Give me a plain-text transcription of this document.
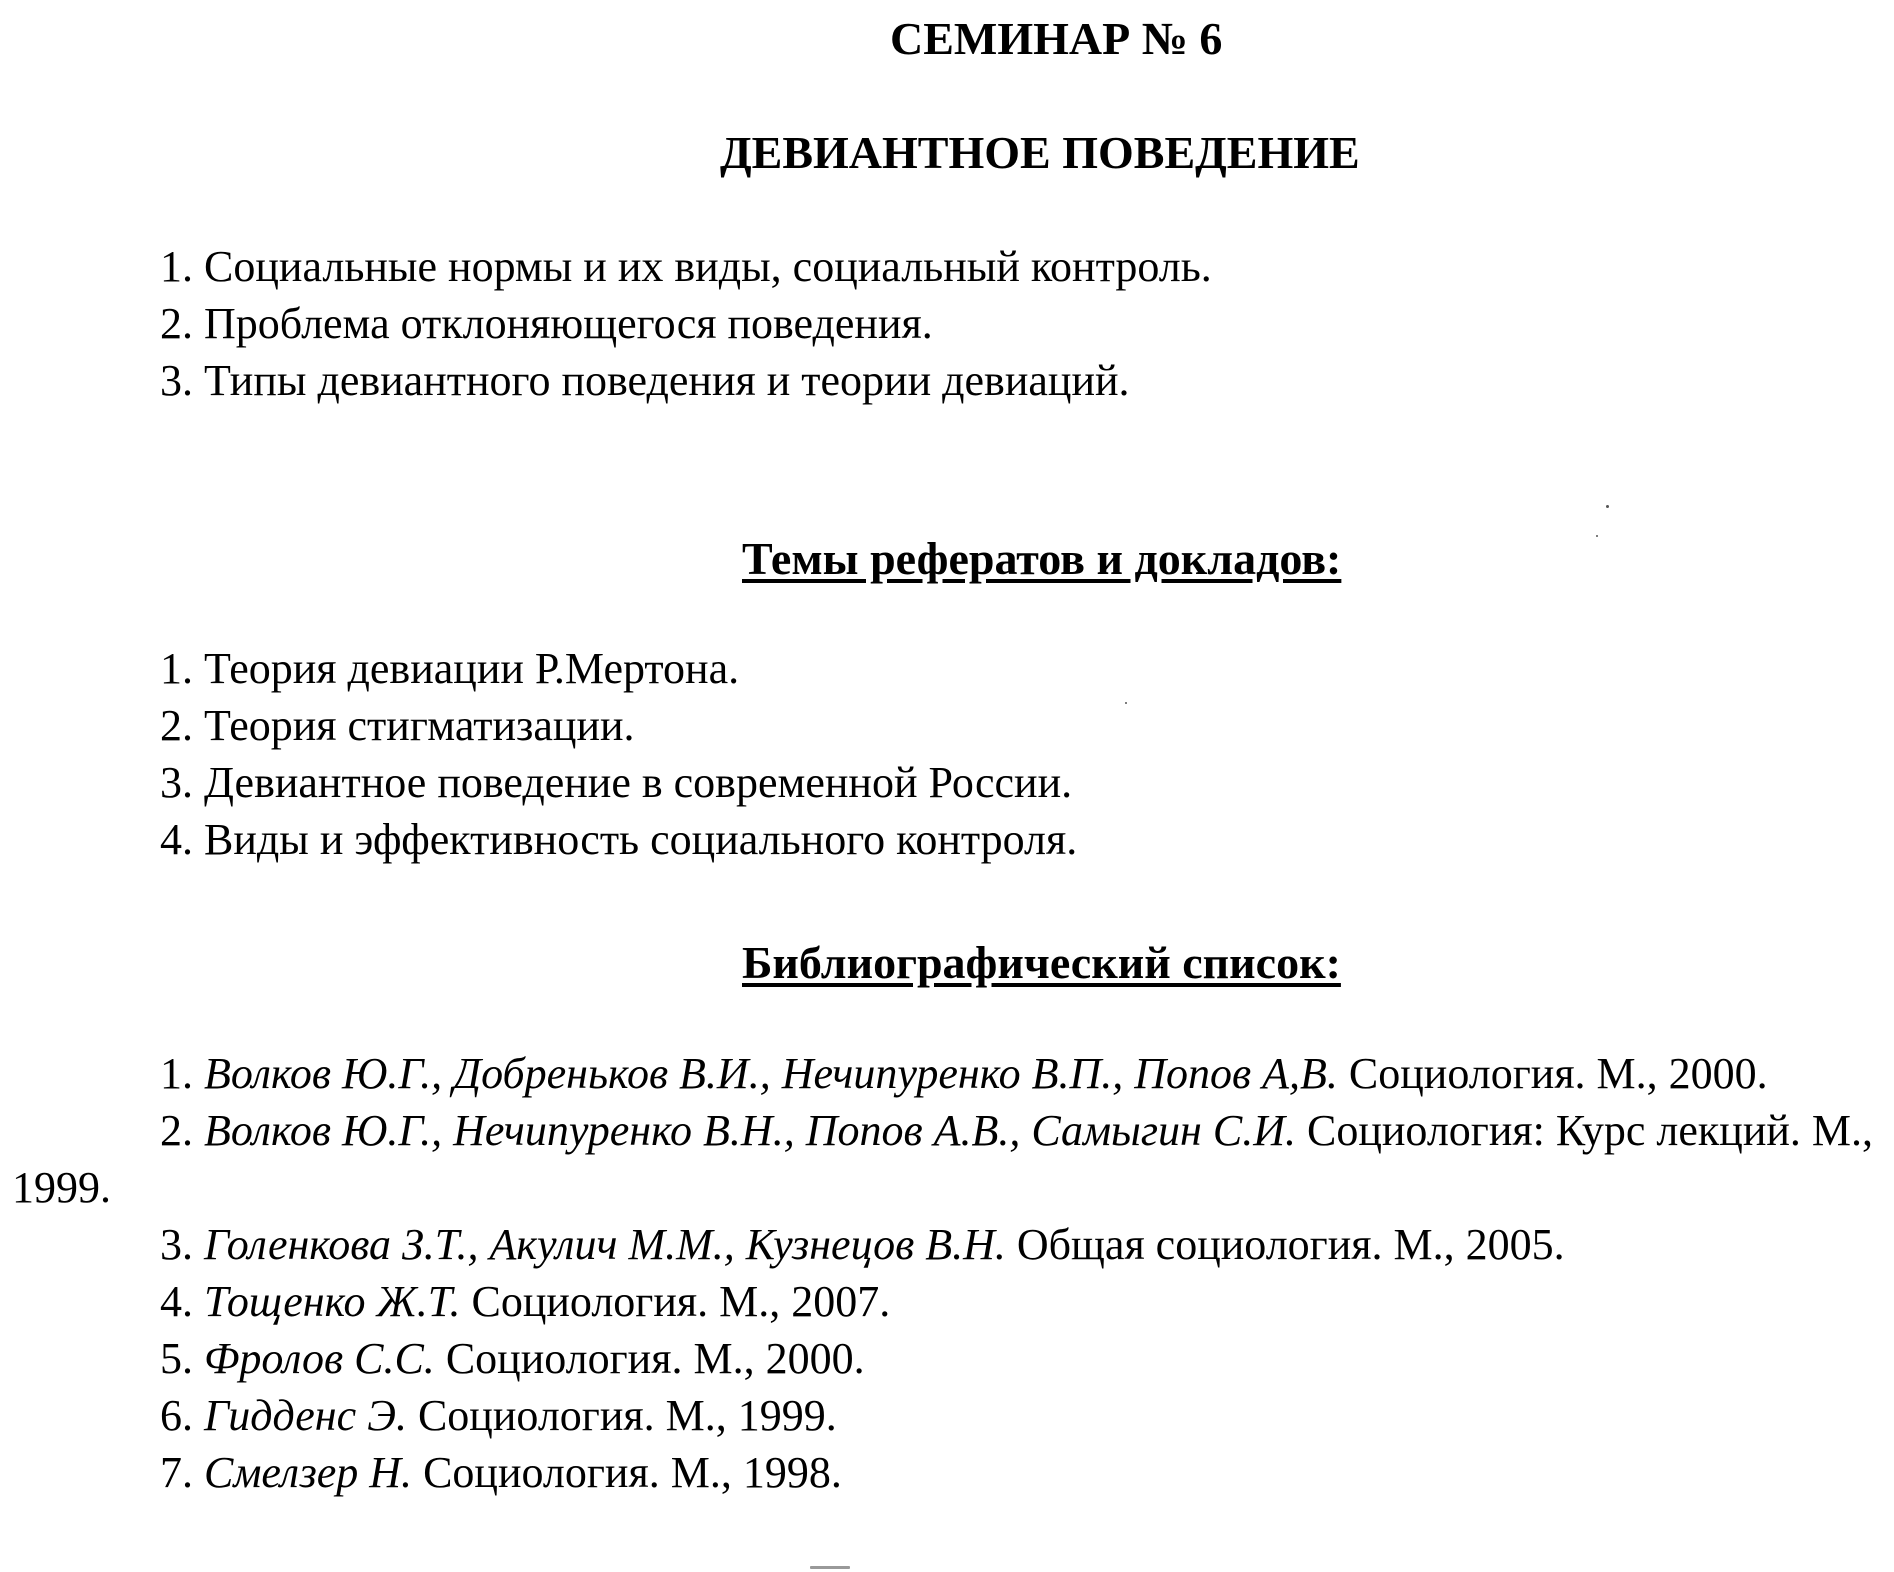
СЕМИНАР № 6
ДЕВИАНТНОЕ ПОВЕДЕНИЕ
1. Социальные нормы и их виды, социальный контроль.
2. Проблема отклоняющегося поведения.
3. Типы девиантного поведения и теории девиаций.
Темы рефератов и докладов:
1. Теория девиации Р.Мертона.
2. Теория стигматизации.
3. Девиантное поведение в современной России.
4. Виды и эффективность социального контроля.
Библиографический список:

1. Волков Ю.Г., Добреньков В.И., Нечипуренко В.П., Попов А,В. Социология. М., 2000.

2. Волков Ю.Г., Нечипуренко В.Н., Попов А.В., Самыгин С.И. Социология: Курс лекций. М., 1999.

3. Голенкова З.Т., Акулич М.М., Кузнецов В.Н. Общая социология. М., 2005.

4. Тощенко Ж.Т. Социология. М., 2007.

5. Фролов С.С. Социология. М., 2000.

6. Гидденс Э. Социология. М., 1999.

7. Смелзер Н. Социология. М., 1998.
